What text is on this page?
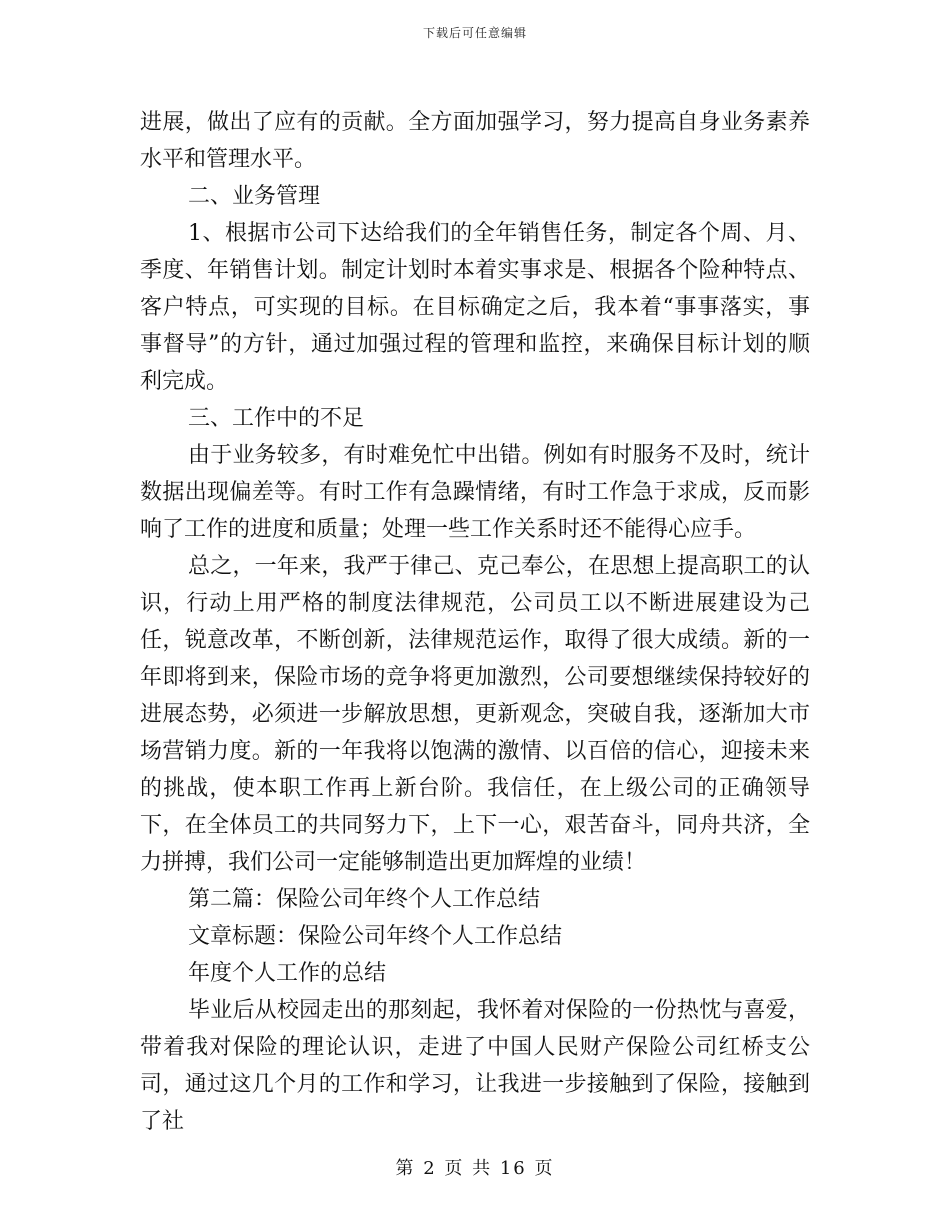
下载后可任意编辑

进展，做出了应有的贡献。全方面加强学习，努力提高自身业务素养水平和管理水平。

二、业务管理

1、根据市公司下达给我们的全年销售任务，制定各个周、月、季度、年销售计划。制定计划时本着实事求是、根据各个险种特点、客户特点，可实现的目标。在目标确定之后，我本着“事事落实，事事督导”的方针，通过加强过程的管理和监控，来确保目标计划的顺利完成。

三、工作中的不足

由于业务较多，有时难免忙中出错。例如有时服务不及时，统计数据出现偏差等。有时工作有急躁情绪，有时工作急于求成，反而影响了工作的进度和质量；处理一些工作关系时还不能得心应手。

总之，一年来，我严于律己、克己奉公，在思想上提高职工的认识，行动上用严格的制度法律规范，公司员工以不断进展建设为己任，锐意改革，不断创新，法律规范运作，取得了很大成绩。新的一年即将到来，保险市场的竞争将更加激烈，公司要想继续保持较好的进展态势，必须进一步解放思想，更新观念，突破自我，逐渐加大市场营销力度。新的一年我将以饱满的激情、以百倍的信心，迎接未来的挑战，使本职工作再上新台阶。我信任，在上级公司的正确领导下，在全体员工的共同努力下，上下一心，艰苦奋斗，同舟共济，全力拼搏，我们公司一定能够制造出更加辉煌的业绩！

第二篇：保险公司年终个人工作总结

文章标题：保险公司年终个人工作总结

年度个人工作的总结

毕业后从校园走出的那刻起，我怀着对保险的一份热忱与喜爱，带着我对保险的理论认识，走进了中国人民财产保险公司红桥支公司，通过这几个月的工作和学习，让我进一步接触到了保险，接触到了社

第 2 页 共 16 页
